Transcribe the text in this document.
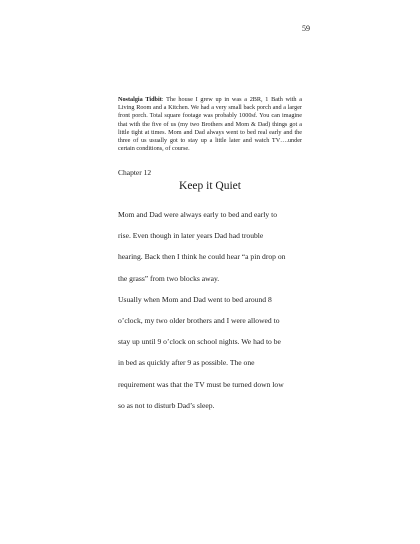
59

Nostalgia Tidbit: The house I grew up in was a 2BR, 1 Bath with a Living Room and a Kitchen. We had a very small back porch and a larger front porch. Total square footage was probably 1000sf. You can imagine that with the five of us (my two Brothers and Mom & Dad) things got a little tight at times. Mom and Dad always went to bed real early and the three of us usually got to stay up a little later and watch TV….under certain conditions, of course.

Chapter 12

Keep it Quiet
Mom and Dad were always early to bed and early to
rise. Even though in later years Dad had trouble
hearing. Back then I think he could hear “a pin drop on
the grass” from two blocks away.
Usually when Mom and Dad went to bed around 8
o’clock, my two older brothers and I were allowed to
stay up until 9 o’clock on school nights. We had to be
in bed as quickly after 9 as possible. The one
requirement was that the TV must be turned down low
so as not to disturb Dad’s sleep.
